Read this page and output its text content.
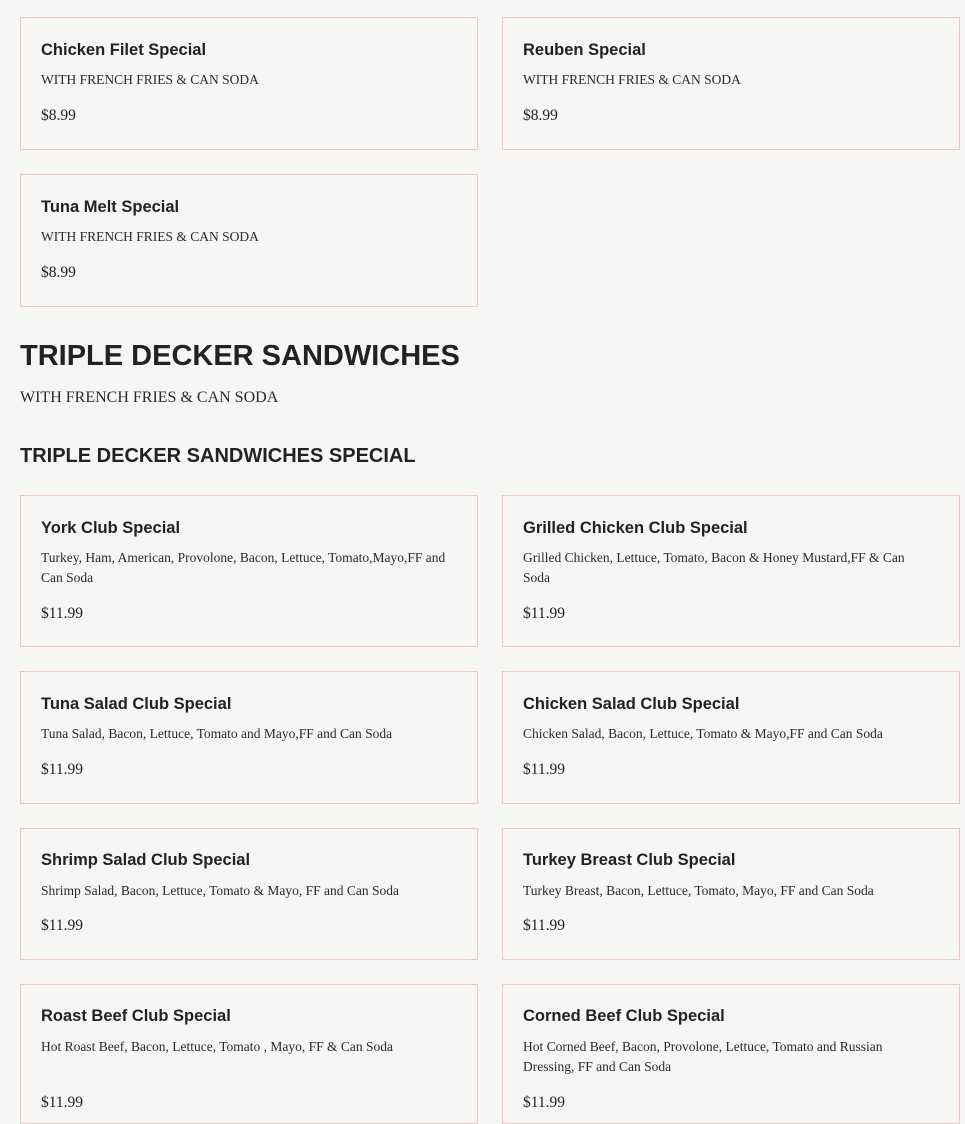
Chicken Filet Special
WITH FRENCH FRIES & CAN SODA
$8.99
Reuben Special
WITH FRENCH FRIES & CAN SODA
$8.99
Tuna Melt Special
WITH FRENCH FRIES & CAN SODA
$8.99
TRIPLE DECKER SANDWICHES
WITH FRENCH FRIES & CAN SODA
TRIPLE DECKER SANDWICHES SPECIAL
York Club Special
Turkey, Ham, American, Provolone, Bacon, Lettuce, Tomato,Mayo,FF and Can Soda
$11.99
Grilled Chicken Club Special
Grilled Chicken, Lettuce, Tomato, Bacon & Honey Mustard,FF & Can Soda
$11.99
Tuna Salad Club Special
Tuna Salad, Bacon, Lettuce, Tomato and Mayo,FF and Can Soda
$11.99
Chicken Salad Club Special
Chicken Salad, Bacon, Lettuce, Tomato & Mayo,FF and Can Soda
$11.99
Shrimp Salad Club Special
Shrimp Salad, Bacon, Lettuce, Tomato & Mayo, FF and Can Soda
$11.99
Turkey Breast Club Special
Turkey Breast, Bacon, Lettuce, Tomato, Mayo, FF and Can Soda
$11.99
Roast Beef Club Special
Hot Roast Beef, Bacon, Lettuce, Tomato , Mayo, FF & Can Soda
$11.99
Corned Beef Club Special
Hot Corned Beef, Bacon, Provolone, Lettuce, Tomato and Russian Dressing, FF and Can Soda
$11.99
